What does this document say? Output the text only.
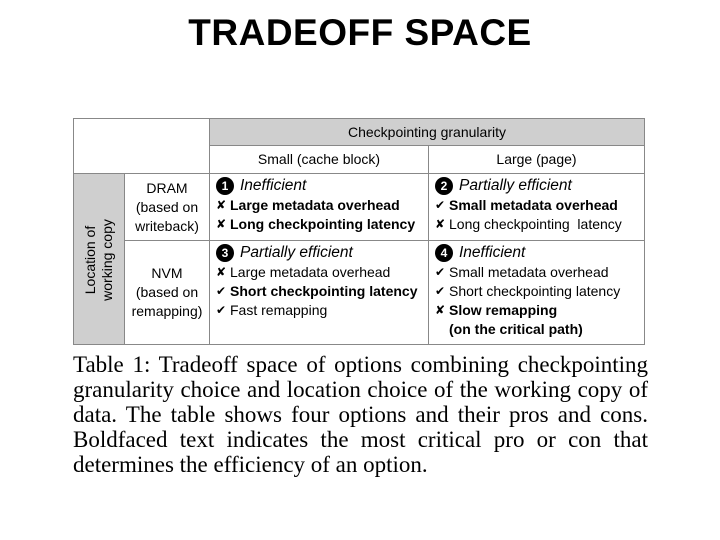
TRADEOFF SPACE
Checkpointing granularity
Small (cache block)	Large (page)
Location of working copy
DRAM
(based on
writeback)
NVM
(based on
remapping)
1 Inefficient
✘ Large metadata overhead
✘ Long checkpointing latency
2 Partially efficient
✔ Small metadata overhead
✘ Long checkpointing  latency
3 Partially efficient
✘ Large metadata overhead
✔ Short checkpointing latency
✔ Fast remapping
4 Inefficient
✔ Small metadata overhead
✔ Short checkpointing latency
✘ Slow remapping
(on the critical path)
Table 1: Tradeoff space of options combining checkpointing granularity choice and location choice of the working copy of data. The table shows four options and their pros and cons. Boldfaced text indicates the most critical pro or con that determines the efficiency of an option.
